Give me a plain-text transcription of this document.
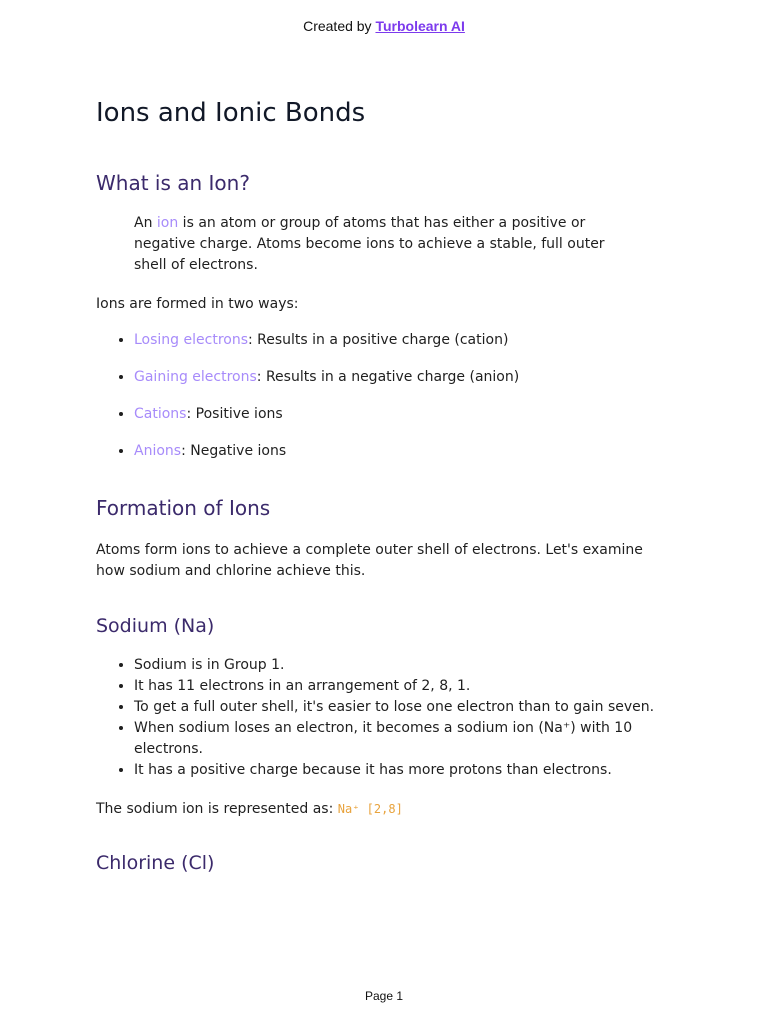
Created by Turbolearn AI
Ions and Ionic Bonds
What is an Ion?

An ion is an atom or group of atoms that has either a positive or negative charge. Atoms become ions to achieve a stable, full outer shell of electrons.

Ions are formed in two ways:

• Losing electrons: Results in a positive charge (cation)
• Gaining electrons: Results in a negative charge (anion)
• Cations: Positive ions
• Anions: Negative ions
Formation of Ions

Atoms form ions to achieve a complete outer shell of electrons. Let's examine how sodium and chlorine achieve this.

Sodium (Na)
• Sodium is in Group 1.
• It has 11 electrons in an arrangement of 2, 8, 1.
• To get a full outer shell, it's easier to lose one electron than to gain seven.
• When sodium loses an electron, it becomes a sodium ion (Na⁺) with 10 electrons.
• It has a positive charge because it has more protons than electrons.

The sodium ion is represented as: Na⁺ [2,8]

Chlorine (Cl)
Page 1
